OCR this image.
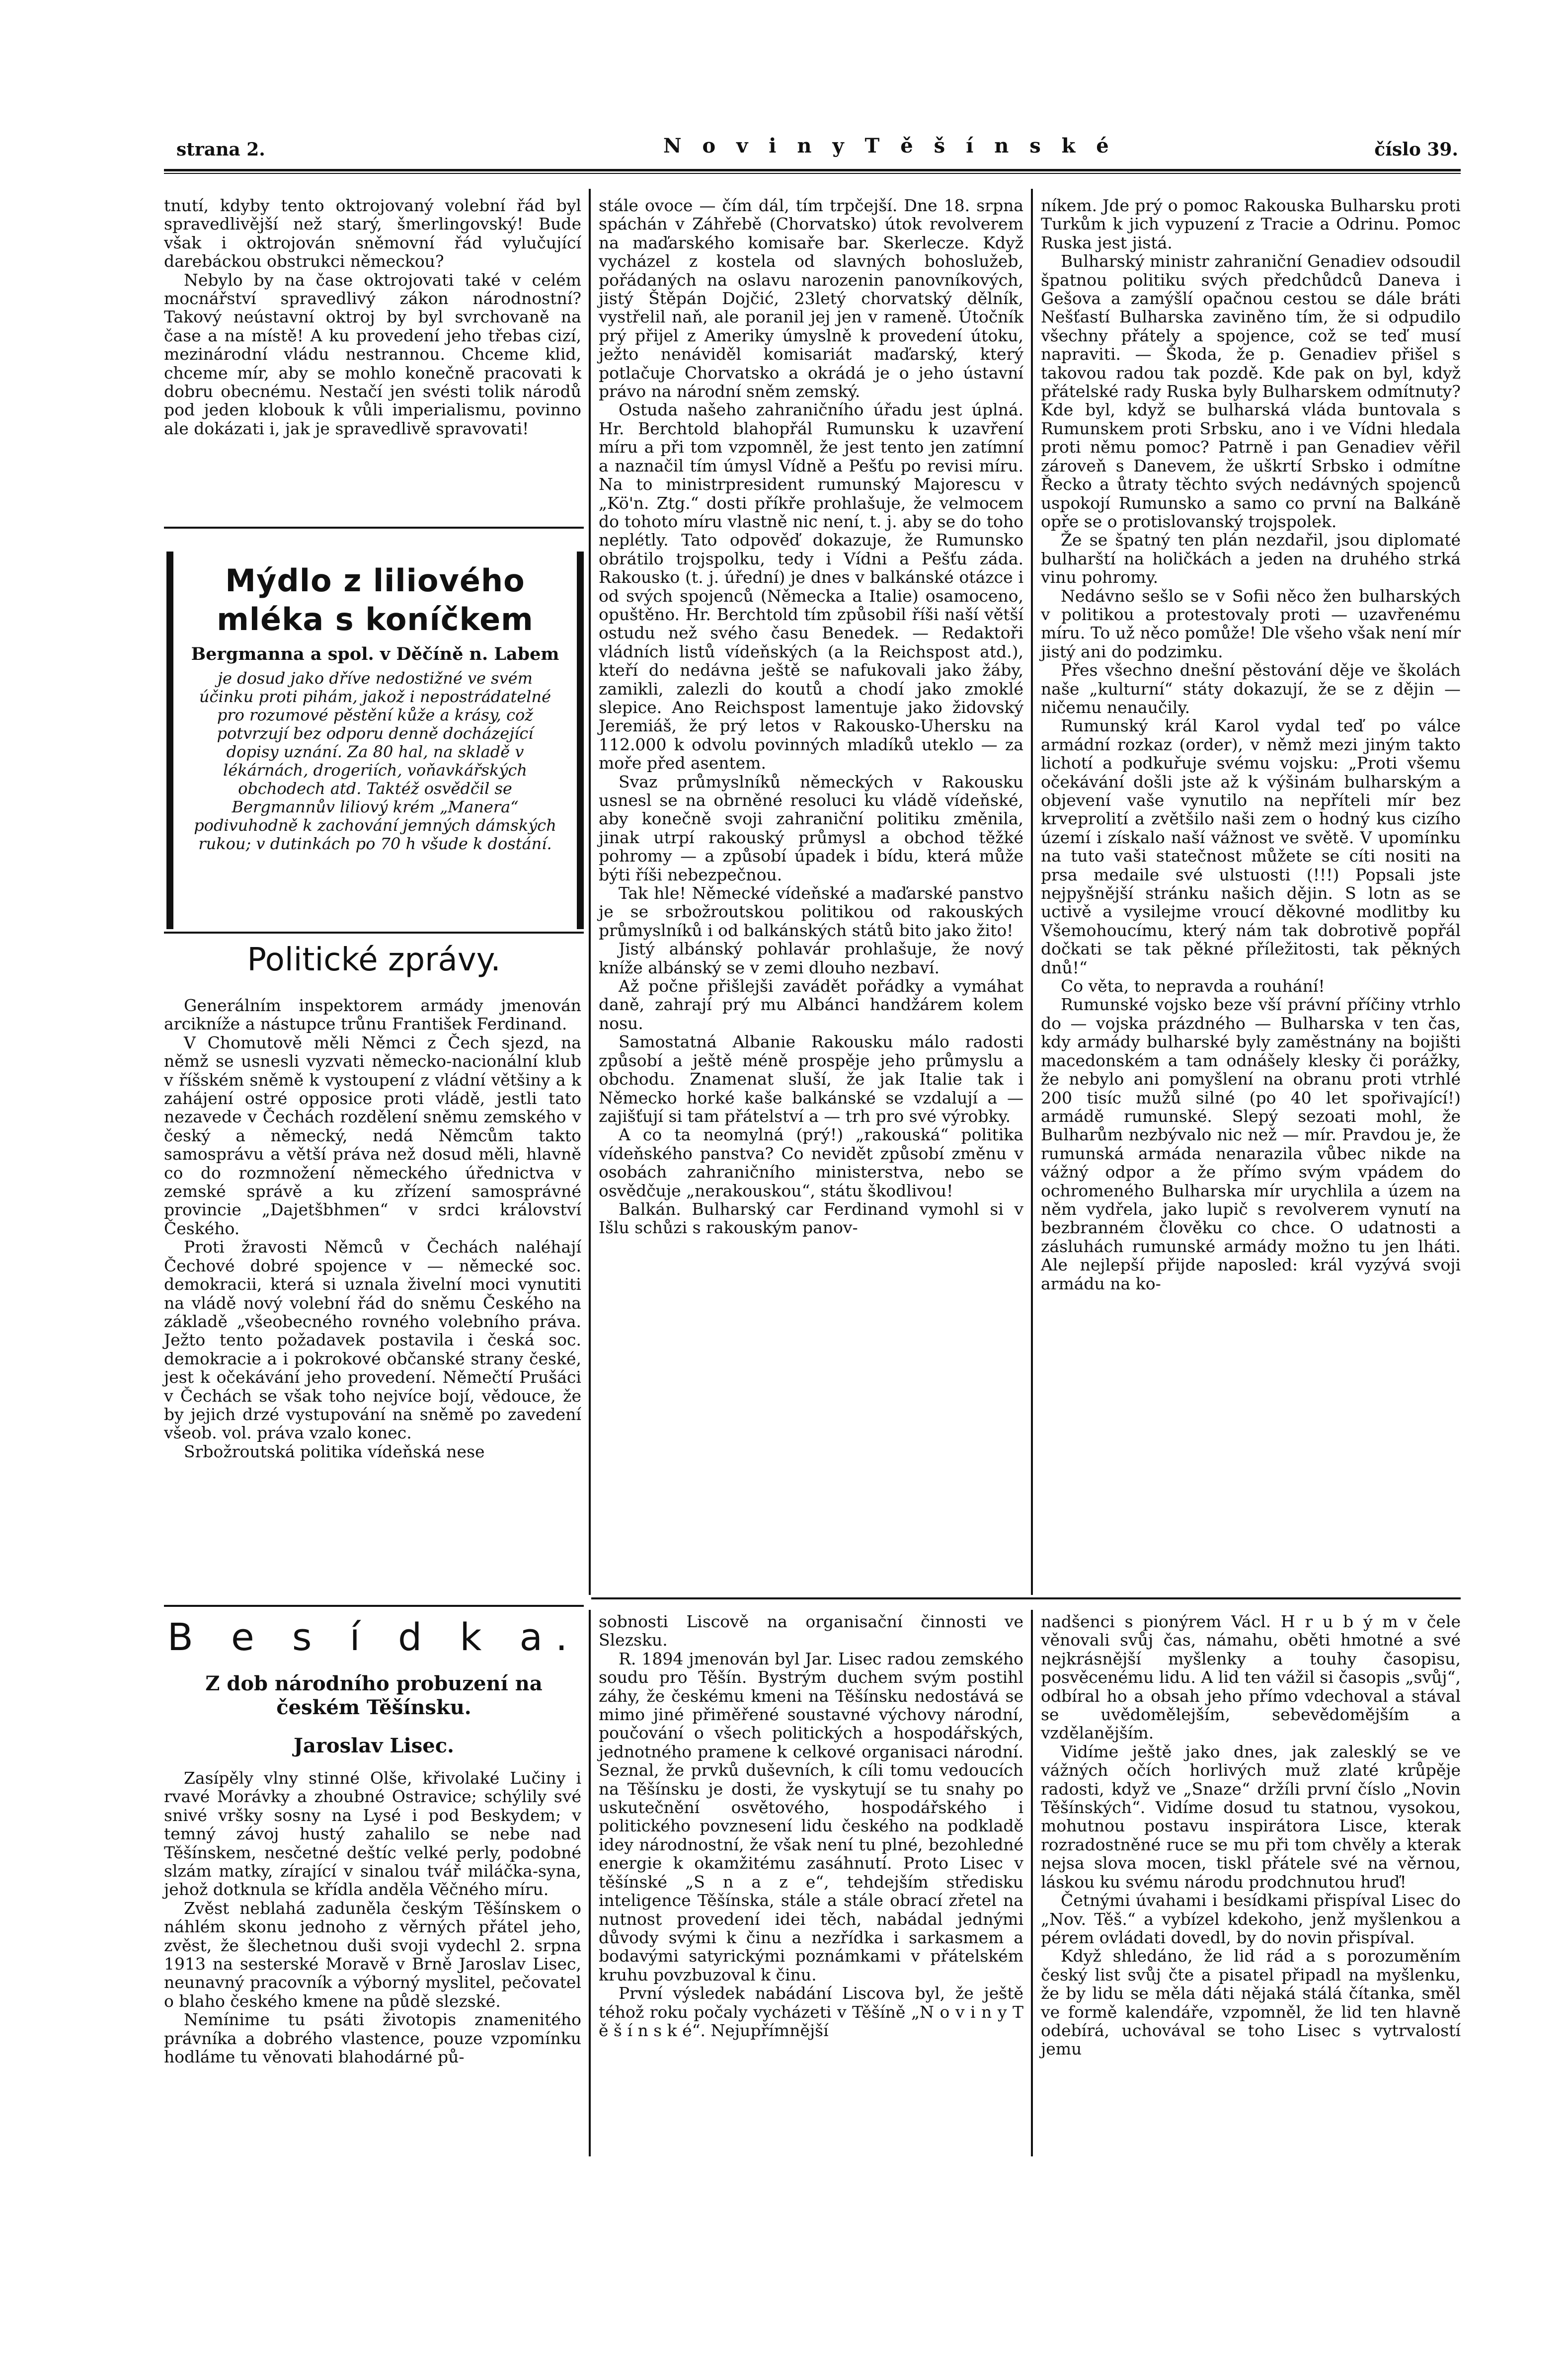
strana 2.	N o v i n y T ě š í n s k é	číslo 39.

tnutí, kdyby tento oktrojovaný volební řád byl spravedlivější než starý, šmerlingovský! Bude však i oktrojován sněmovní řád vylučující darebáckou obstrukci německou?

Nebylo by na čase oktrojovati také v celém mocnářství spravedlivý zákon národnostní? Takový neústavní oktroj by byl svrchovaně na čase a na místě! A ku provedení jeho třebas cizí, mezinárodní vládu nestrannou. Chceme klid, chceme mír, aby se mohlo konečně pracovati k dobru obecnému. Nestačí jen svésti tolik národů pod jeden klobouk k vůli imperialismu, povinno ale dokázati i, jak je spravedlivě spravovati!

Mýdlo z liliového mléka s koníčkem
Bergmanna a spol. v Děčíně n. Labem
je dosud jako dříve nedostižné ve svém účinku proti pihám, jakož i nepostrádatelné pro rozumové pěstění kůže a krásy, což potvrzují bez odporu denně docházející dopisy uznání. Za 80 hal, na skladě v lékárnách, drogeriích, voňavkářských obchodech atd. Taktéž osvědčil se Bergmannův liliový krém „Manera“ podivuhodně k zachování jemných dámských rukou; v dutinkách po 70 h všude k dostání.
Politické zprávy.

Generálním inspektorem armády jmenován arcikníže a nástupce trůnu František Ferdinand.

V Chomutově měli Němci z Čech sjezd, na němž se usnesli vyzvati německo-nacionální klub v říšském sněmě k vystoupení z vládní většiny a k zahájení ostré opposice proti vládě, jestli tato nezavede v Čechách rozdělení sněmu zemského v český a německý, nedá Němcům takto samosprávu a větší práva než dosud měli, hlavně co do rozmnožení německého úřednictva v zemské správě a ku zřízení samosprávné provincie „Dajetšbhmen“ v srdci království Českého.

Proti žravosti Němců v Čechách naléhají Čechové dobré spojence v — německé soc. demokracii, která si uznala živelní moci vynutiti na vládě nový volební řád do sněmu Českého na základě „všeobecného rovného volebního práva. Ježto tento požadavek postavila i česká soc. demokracie a i pokrokové občanské strany české, jest k očekávání jeho provedení. Němečtí Prušáci v Čechách se však toho nejvíce bojí, vědouce, že by jejich drzé vystupování na sněmě po zavedení všeob. vol. práva vzalo konec.

Srbožroutská politika vídeňská nese

stále ovoce — čím dál, tím trpčejší. Dne 18. srpna spáchán v Záhřebě (Chorvatsko) útok revolverem na maďarského komisaře bar. Skerlecze. Když vycházel z kostela od slavných bohoslužeb, pořádaných na oslavu narozenin panovníkových, jistý Štěpán Dojčić, 23letý chorvatský dělník, vystřelil naň, ale poranil jej jen v rameně. Útočník prý přijel z Ameriky úmyslně k provedení útoku, ježto nenáviděl komisariát maďarský, který potlačuje Chorvatsko a okrádá je o jeho ústavní právo na národní sněm zemský.

Ostuda našeho zahraničního úřadu jest úplná. Hr. Berchtold blahopřál Rumunsku k uzavření míru a při tom vzpomněl, že jest tento jen zatímní a naznačil tím úmysl Vídně a Pešťu po revisi míru. Na to ministrpresident rumunský Majorescu v „Kö'n. Ztg.“ dosti příkře prohlašuje, že velmocem do tohoto míru vlastně nic není, t. j. aby se do toho neplétly. Tato odpověď dokazuje, že Rumunsko obrátilo trojspolku, tedy i Vídni a Pešťu záda. Rakousko (t. j. úřední) je dnes v balkánské otázce i od svých spojenců (Německa a Italie) osamoceno, opuštěno. Hr. Berchtold tím způsobil říši naší větší ostudu než svého času Benedek. — Redaktoři vládních listů vídeňských (a la Reichspost atd.), kteří do nedávna ještě se nafukovali jako žáby, zamikli, zalezli do koutů a chodí jako zmoklé slepice. Ano Reichspost lamentuje jako židovský Jeremiáš, že prý letos v Rakousko-Uhersku na 112.000 k odvolu povinných mladíků uteklo — za moře před asentem.

Svaz průmyslníků německých v Rakousku usnesl se na obrněné resoluci ku vládě vídeňské, aby konečně svoji zahraniční politiku změnila, jinak utrpí rakouský průmysl a obchod těžké pohromy — a způsobí úpadek i bídu, která může býti říši nebezpečnou.

Tak hle! Německé vídeňské a maďarské panstvo je se srbožroutskou politikou od rakouských průmyslníků i od balkánských států bito jako žito!

Jistý albánský pohlavár prohlašuje, že nový kníže albánský se v zemi dlouho nezbaví.

Až počne přišlejši zavádět pořádky a vymáhat daně, zahrají prý mu Albánci handžárem kolem nosu.

Samostatná Albanie Rakousku málo radosti způsobí a ještě méně prospěje jeho průmyslu a obchodu. Znamenat sluší, že jak Italie tak i Německo horké kaše balkánské se vzdalují a — zajišťují si tam přátelství a — trh pro své výrobky.

A co ta neomylná (prý!) „rakouská“ politika vídeňského panstva? Co nevidět způsobí změnu v osobách zahraničního ministerstva, nebo se osvědčuje „nerakouskou“, státu škodlivou!

Balkán. Bulharský car Ferdinand vymohl si v Išlu schůzi s rakouským panov-

níkem. Jde prý o pomoc Rakouska Bulharsku proti Turkům k jich vypuzení z Tracie a Odrinu. Pomoc Ruska jest jistá.

Bulharský ministr zahraniční Genadiev odsoudil špatnou politiku svých předchůdců Daneva i Gešova a zamýšlí opačnou cestou se dále bráti Nešťastí Bulharska zaviněno tím, že si odpudilo všechny přátely a spojence, což se teď musí napraviti. — Škoda, že p. Genadiev přišel s takovou radou tak pozdě. Kde pak on byl, když přátelské rady Ruska byly Bulharskem odmítnuty? Kde byl, když se bulharská vláda buntovala s Rumunskem proti Srbsku, ano i ve Vídni hledala proti němu pomoc? Patrně i pan Genadiev věřil zároveň s Danevem, že uškrtí Srbsko i odmítne Řecko a ůtraty těchto svých nedávných spojenců uspokojí Rumunsko a samo co první na Balkáně opře se o protislovanský trojspolek.

Že se špatný ten plán nezdařil, jsou diplomaté bulharští na holičkách a jeden na druhého strká vinu pohromy.

Nedávno sešlo se v Sofii něco žen bulharských v politikou a protestovaly proti — uzavřenému míru. To už něco pomůže! Dle všeho však není mír jistý ani do podzimku.

Přes všechno dnešní pěstování děje ve školách naše „kulturní“ státy dokazují, že se z dějin — ničemu nenaučily.

Rumunský král Karol vydal teď po válce armádní rozkaz (order), v němž mezi jiným takto lichotí a podkuřuje svému vojsku: „Proti všemu očekávání došli jste až k výšinám bulharským a objevení vaše vynutilo na nepříteli mír bez krveprolití a zvětšilo naši zem o hodný kus cizího území i získalo naší vážnost ve světě. V upomínku na tuto vaši statečnost můžete se cíti nositi na prsa medaile své ulstuosti (!!!) Popsali jste nejpyšnější stránku našich dějin. S lotn as se uctivě a vysilejme vroucí děkovné modlitby ku Všemohoucímu, který nám tak dobrotivě popřál dočkati se tak pěkné příležitosti, tak pěkných dnů!“

Co věta, to nepravda a rouhání!

Rumunské vojsko beze vší právní příčiny vtrhlo do — vojska prázdného — Bulharska v ten čas, kdy armády bulharské byly zaměstnány na bojišti macedonském a tam odnášely klesky či porážky, že nebylo ani pomyšlení na obranu proti vtrhlé 200 tisíc mužů silné (po 40 let spořivající!) armádě rumunské. Slepý sezoati mohl, že Bulharům nezbývalo nic než — mír. Pravdou je, že rumunská armáda nenarazila vůbec nikde na vážný odpor a že přímo svým vpádem do ochromeného Bulharska mír urychlila a územ na něm vydřela, jako lupič s revolverem vynutí na bezbranném člověku co chce. O udatnosti a zásluhách rumunské armády možno tu jen lháti. Ale nejlepší přijde naposled: král vyzývá svoji armádu na ko-

B e s í d k a.
Z dob národního probuzení na českém Těšínsku.
Jaroslav Lisec.

Zasípěly vlny stinné Olše, křivolaké Lučiny i rvavé Morávky a zhoubné Ostravice; schýlily své snivé vršky sosny na Lysé i pod Beskydem; v temný závoj hustý zahalilo se nebe nad Těšínskem, nesčetné deštíc velké perly, podobné slzám matky, zírající v sinalou tvář miláčka-syna, jehož dotknula se křídla anděla Věčného míru.

Zvěst neblahá zaduněla českým Těšínskem o náhlém skonu jednoho z věrných přátel jeho, zvěst, že šlechetnou duši svoji vydechl 2. srpna 1913 na sesterské Moravě v Brně Jaroslav Lisec, neunavný pracovník a výborný myslitel, pečovatel o blaho českého kmene na půdě slezské.

Nemínime tu psáti životopis znamenitého právníka a dobrého vlastence, pouze vzpomínku hodláme tu věnovati blahodárné pů-

sobnosti Liscově na organisační činnosti ve Slezsku.

R. 1894 jmenován byl Jar. Lisec radou zemského soudu pro Těšín. Bystrým duchem svým postihl záhy, že českému kmeni na Těšínsku nedostává se mimo jiné přiměřené soustavné výchovy národní, poučování o všech politických a hospodářských, jednotného pramene k celkové organisaci národní. Seznal, že prvků duševních, k cíli tomu vedoucích na Těšínsku je dosti, že vyskytují se tu snahy po uskutečnění osvětového, hospodářského i politického povznesení lidu českého na podkladě idey národnostní, že však není tu plné, bezohledné energie k okamžitému zasáhnutí. Proto Lisec v těšínské „S n a z e“, tehdejším středisku inteligence Těšínska, stále a stále obrací zřetel na nutnost provedení idei těch, nabádal jednými důvody svými k činu a nezřídka i sarkasmem a bodavými satyrickými poznámkami v přátelském kruhu povzbuzoval k činu.

První výsledek nabádání Liscova byl, že ještě téhož roku počaly vycházeti v Těšíně „N o v i n y T ě š í n s k é“. Nejupřímnější

nadšenci s pionýrem Václ. H r u b ý m v čele věnovali svůj čas, námahu, oběti hmotné a své nejkrásnější myšlenky a touhy časopisu, posvěcenému lidu. A lid ten vážil si časopis „svůj“, odbíral ho a obsah jeho přímo vdechoval a stával se uvědomělejším, sebevědomějším a vzdělanějším.

Vidíme ještě jako dnes, jak zalesklý se ve vážných očích horlivých muž zlaté krůpěje radosti, když ve „Snaze“ držíli první číslo „Novin Těšínských“. Vidíme dosud tu statnou, vysokou, mohutnou postavu inspirátora Lisce, kterak rozradostněné ruce se mu při tom chvěly a kterak nejsa slova mocen, tiskl přátele své na věrnou, láskou ku svému národu prodchnutou hruď!

Četnými úvahami i besídkami přispíval Lisec do „Nov. Těš.“ a vybízel kdekoho, jenž myšlenkou a pérem ovládati dovedl, by do novin přispíval.

Když shledáno, že lid rád a s porozuměním český list svůj čte a pisatel připadl na myšlenku, že by lidu se měla dáti nějaká stálá čítanka, směl ve formě kalendáře, vzpomněl, že lid ten hlavně odebírá, uchovával se toho Lisec s vytrvalostí jemu
